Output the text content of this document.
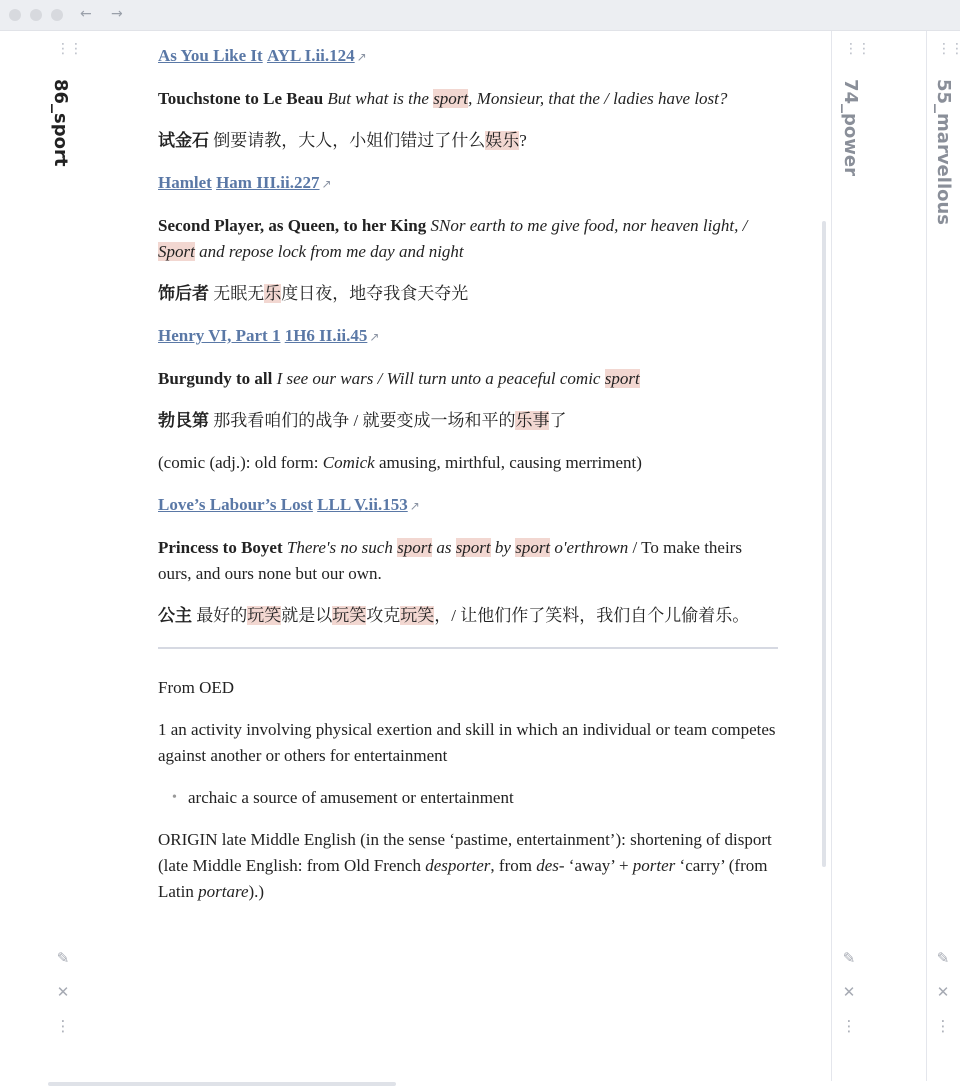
← →
⋮⋮
86_sport
✎
✕
⋮

As You Like It AYL I.ii.124 ↗

Touchstone to Le Beau But what is the sport, Monsieur, that the / ladies have lost?

试金石 倒要请教，大人，小姐们错过了什么娱乐?

Hamlet Ham III.ii.227 ↗

Second Player, as Queen, to her King SNor earth to me give food, nor heaven light, / Sport and repose lock from me day and night

饰后者 无眠无乐度日夜，地夺我食天夺光

Henry VI, Part 1 1H6 II.ii.45 ↗

Burgundy to all I see our wars / Will turn unto a peaceful comic sport

勃艮第 那我看咱们的战争 / 就要变成一场和平的乐事了

(comic (adj.): old form: Comick amusing, mirthful, causing merriment)

Love’s Labour’s Lost LLL V.ii.153 ↗

Princess to Boyet There's no such sport as sport by sport o'erthrown / To make theirs ours, and ours none but our own.

公主 最好的玩笑就是以玩笑攻克玩笑，/ 让他们作了笑料，我们自个儿偷着乐。

From OED

1 an activity involving physical exertion and skill in which an individual or team competes against another or others for entertainment

• archaic a source of amusement or entertainment

ORIGIN late Middle English (in the sense ‘pastime, entertainment’): shortening of disport (late Middle English: from Old French desporter, from des- ‘away’ + porter ‘carry’ (from Latin portare).)

⋮⋮
74_power
✎
✕
⋮
⋮⋮
55_marvellous
✎
✕
⋮
